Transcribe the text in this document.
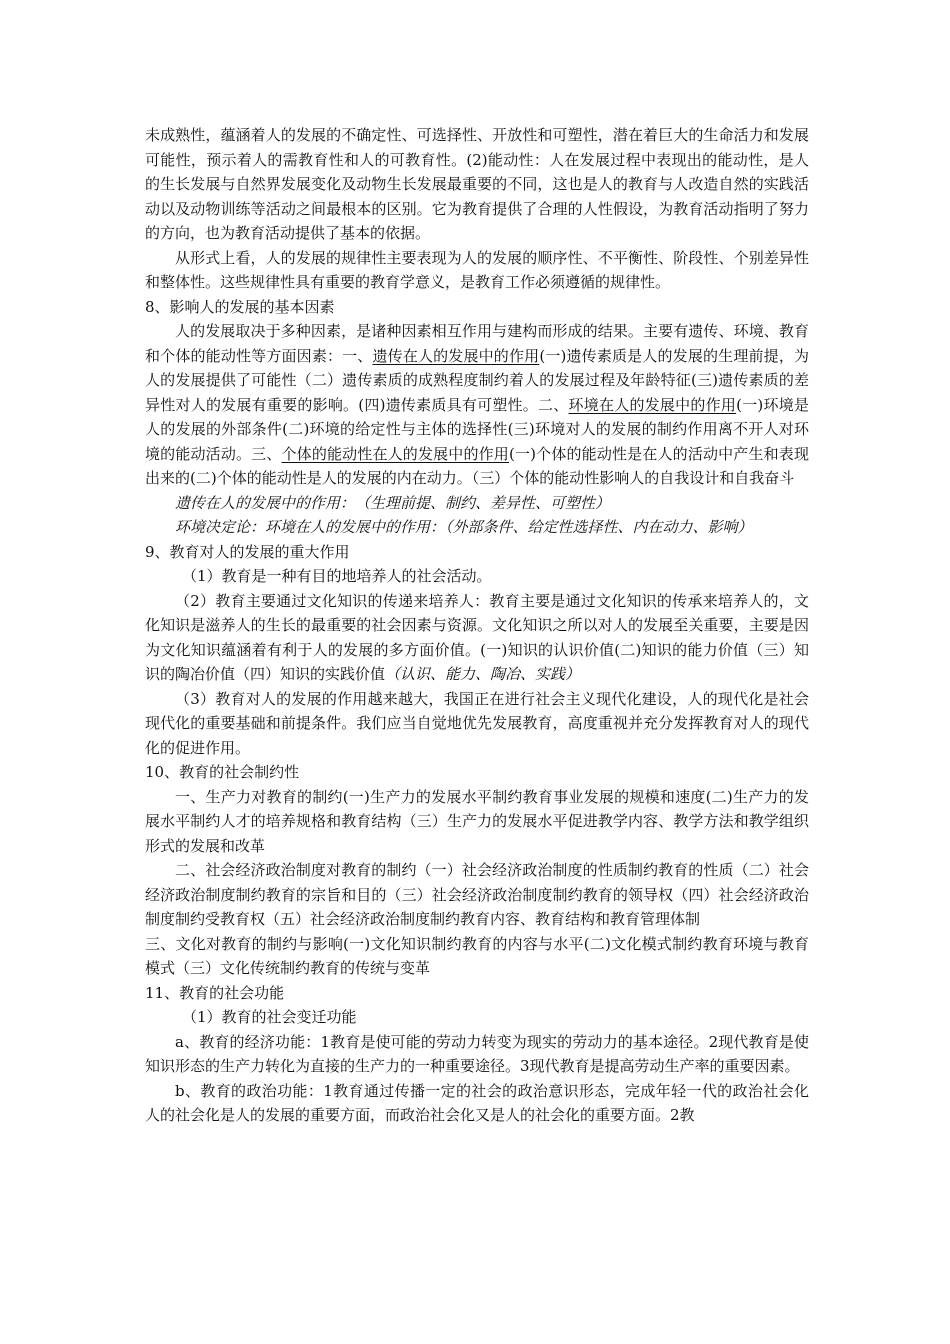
未成熟性，蕴涵着人的发展的不确定性、可选择性、开放性和可塑性，潜在着巨大的生命活力和发展可能性，预示着人的需教育性和人的可教育性。(2)能动性：人在发展过程中表现出的能动性，是人的生长发展与自然界发展变化及动物生长发展最重要的不同，这也是人的教育与人改造自然的实践活动以及动物训练等活动之间最根本的区别。它为教育提供了合理的人性假设，为教育活动指明了努力的方向，也为教育活动提供了基本的依据。

从形式上看，人的发展的规律性主要表现为人的发展的顺序性、不平衡性、阶段性、个别差异性和整体性。这些规律性具有重要的教育学意义，是教育工作必须遵循的规律性。

8、影响人的发展的基本因素

人的发展取决于多种因素，是诸种因素相互作用与建构而形成的结果。主要有遗传、环境、教育和个体的能动性等方面因素：一、遗传在人的发展中的作用(一)遗传素质是人的发展的生理前提，为人的发展提供了可能性（二）遗传素质的成熟程度制约着人的发展过程及年龄特征(三)遗传素质的差异性对人的发展有重要的影响。(四)遗传素质具有可塑性。二、环境在人的发展中的作用(一)环境是人的发展的外部条件(二)环境的给定性与主体的选择性(三)环境对人的发展的制约作用离不开人对环境的能动活动。三、个体的能动性在人的发展中的作用(一)个体的能动性是在人的活动中产生和表现出来的(二)个体的能动性是人的发展的内在动力。（三）个体的能动性影响人的自我设计和自我奋斗

遗传在人的发展中的作用：　（生理前提、制约、差异性、可塑性）

环境决定论：环境在人的发展中的作用：（外部条件、给定性选择性、内在动力、影响）

9、教育对人的发展的重大作用

（1）教育是一种有目的地培养人的社会活动。

（2）教育主要通过文化知识的传递来培养人：教育主要是通过文化知识的传承来培养人的，文化知识是滋养人的生长的最重要的社会因素与资源。文化知识之所以对人的发展至关重要，主要是因为文化知识蕴涵着有利于人的发展的多方面价值。(一)知识的认识价值(二)知识的能力价值（三）知识的陶冶价值（四）知识的实践价值（认识、能力、陶冶、实践）

（3）教育对人的发展的作用越来越大，我国正在进行社会主义现代化建设，人的现代化是社会现代化的重要基础和前提条件。我们应当自觉地优先发展教育，高度重视并充分发挥教育对人的现代化的促进作用。

10、教育的社会制约性

一、生产力对教育的制约(一)生产力的发展水平制约教育事业发展的规模和速度(二)生产力的发展水平制约人才的培养规格和教育结构（三）生产力的发展水平促进教学内容、教学方法和教学组织形式的发展和改革

二、社会经济政治制度对教育的制约（一）社会经济政治制度的性质制约教育的性质（二）社会经济政治制度制约教育的宗旨和目的（三）社会经济政治制度制约教育的领导权（四）社会经济政治制度制约受教育权（五）社会经济政治制度制约教育内容、教育结构和教育管理体制

三、文化对教育的制约与影响(一)文化知识制约教育的内容与水平(二)文化模式制约教育环境与教育模式（三）文化传统制约教育的传统与变革

11、教育的社会功能

（1）教育的社会变迁功能

a、教育的经济功能：1教育是使可能的劳动力转变为现实的劳动力的基本途径。2现代教育是使知识形态的生产力转化为直接的生产力的一种重要途径。3现代教育是提高劳动生产率的重要因素。

b、教育的政治功能：1教育通过传播一定的社会的政治意识形态，完成年轻一代的政治社会化人的社会化是人的发展的重要方面，而政治社会化又是人的社会化的重要方面。2教
